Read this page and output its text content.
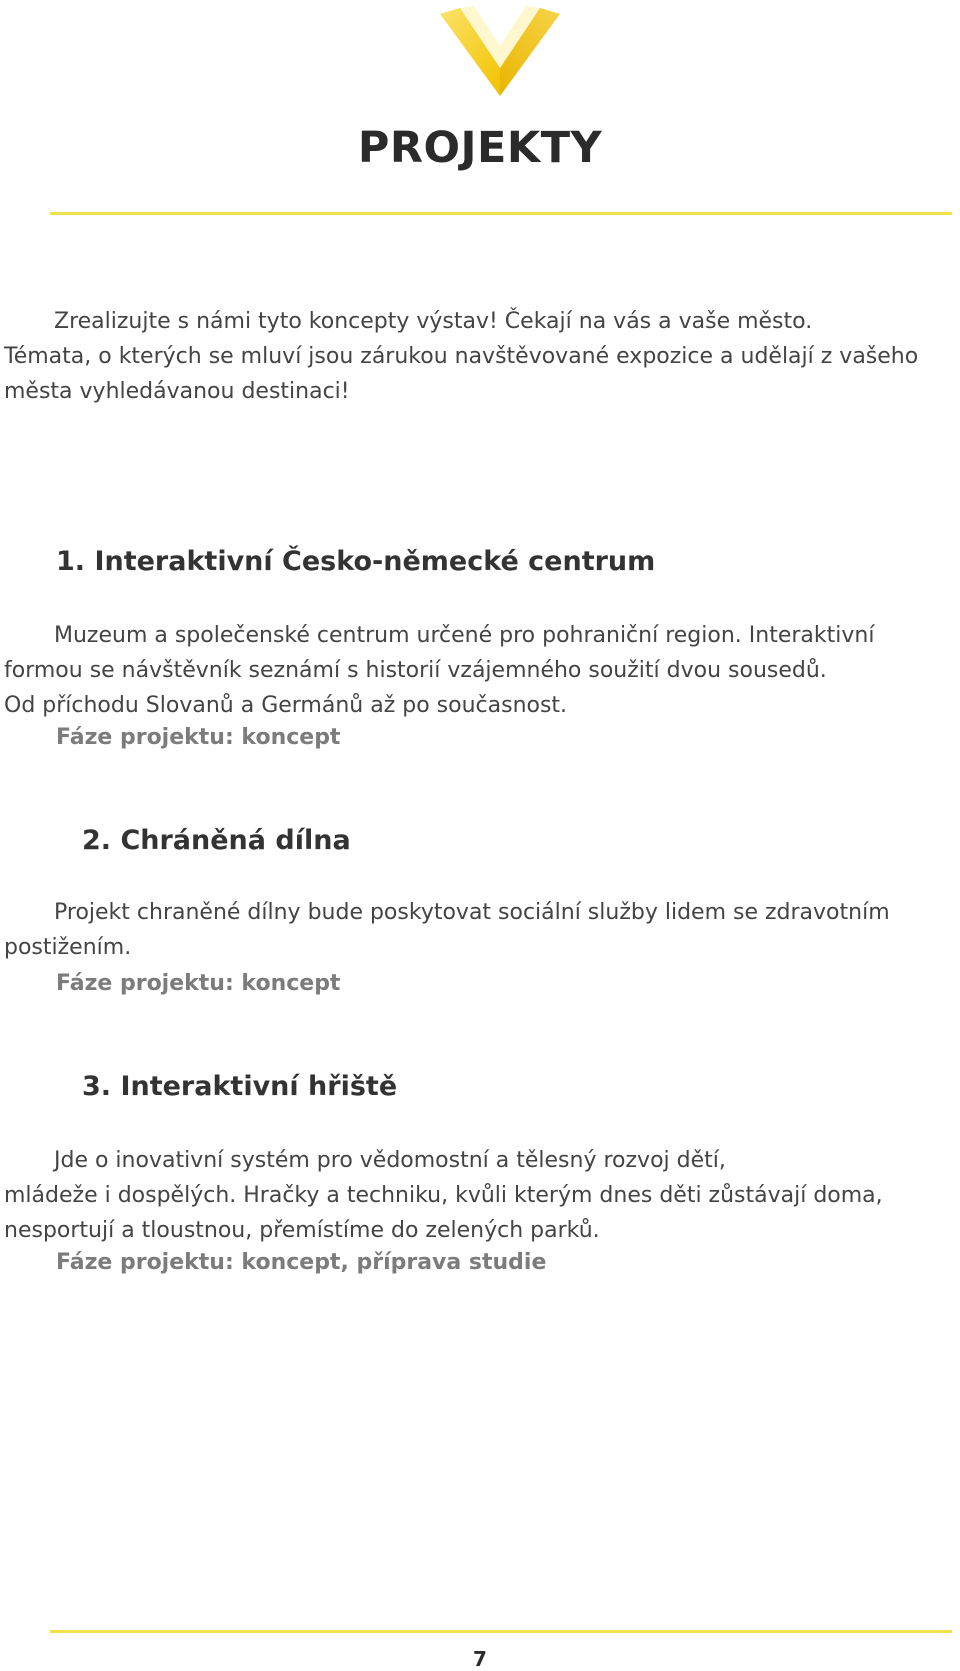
PROJEKTY

Zrealizujte s námi tyto koncepty výstav! Čekají na vás a vaše město.
Témata, o kterých se mluví jsou zárukou navštěvované expozice a udělají z vašeho
města vyhledávanou destinaci!

1. Interaktivní Česko-německé centrum

Muzeum a společenské centrum určené pro pohraniční region. Interaktivní
formou se návštěvník seznámí s historií vzájemného soužití dvou sousedů.
Od příchodu Slovanů a Germánů až po současnost.

Fáze projektu: koncept

2. Chráněná dílna

Projekt chraněné dílny bude poskytovat sociální služby lidem se zdravotním
postižením.

Fáze projektu: koncept

3. Interaktivní hřiště

Jde o inovativní systém pro vědomostní a tělesný rozvoj dětí,
mládeže i dospělých. Hračky a techniku, kvůli kterým dnes děti zůstávají doma,
nesportují a tloustnou, přemístíme do zelených parků.

Fáze projektu: koncept, příprava studie

7
